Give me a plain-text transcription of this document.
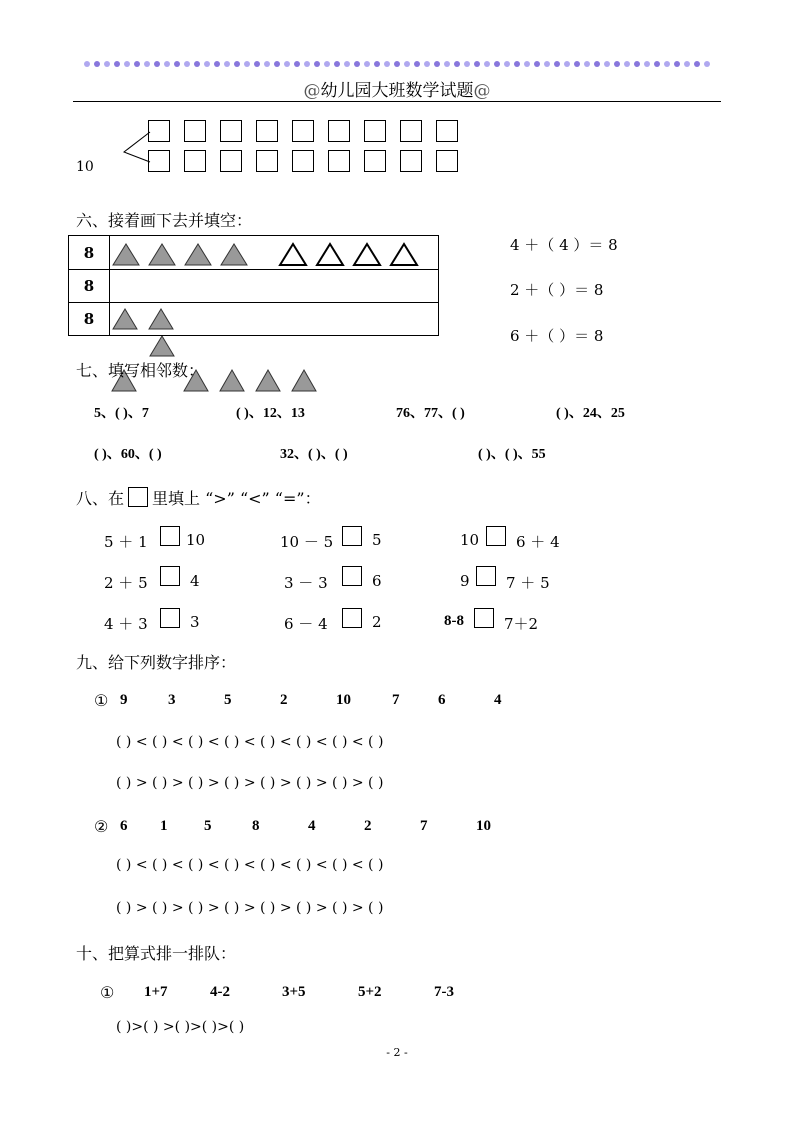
@幼儿园大班数学试题@
10
六、接着画下去并填空：
8
8
8
4 ＋（ 4 ）＝ 8
2 ＋（ ）＝ 8
6 ＋（ ）＝ 8
七、填写相邻数：
5、( )、7	( )、12、13	76、77、( )	( )、24、25
( )、60、( )	32、( )、( )	( )、( )、55
八、在 里填上 “>” “<” “=”：
5 ＋ 1	10	10 － 5	5	10 6 ＋ 4
2 ＋ 5	4	3 － 3	6	9 7 ＋ 5
4 ＋ 3	3	6 － 4	2	8-8	7＋2
九、给下列数字排序：
① 9	3	5	2	10	7	6	4
( ) < ( ) < ( ) < ( ) < ( ) < ( ) < ( ) < ( )
( ) > ( ) > ( ) > ( ) > ( ) > ( ) > ( ) > ( )
② 6 1 5	8	4	2	7	10
( ) < ( ) < ( ) < ( ) < ( ) < ( ) < ( ) < ( )
( ) > ( ) > ( ) > ( ) > ( ) > ( ) > ( ) > ( )
十、把算式排一排队：
① 1+7	4-2	3+5	5+2	7-3
( )>( ) >( )>( )>( )
- 2 -
